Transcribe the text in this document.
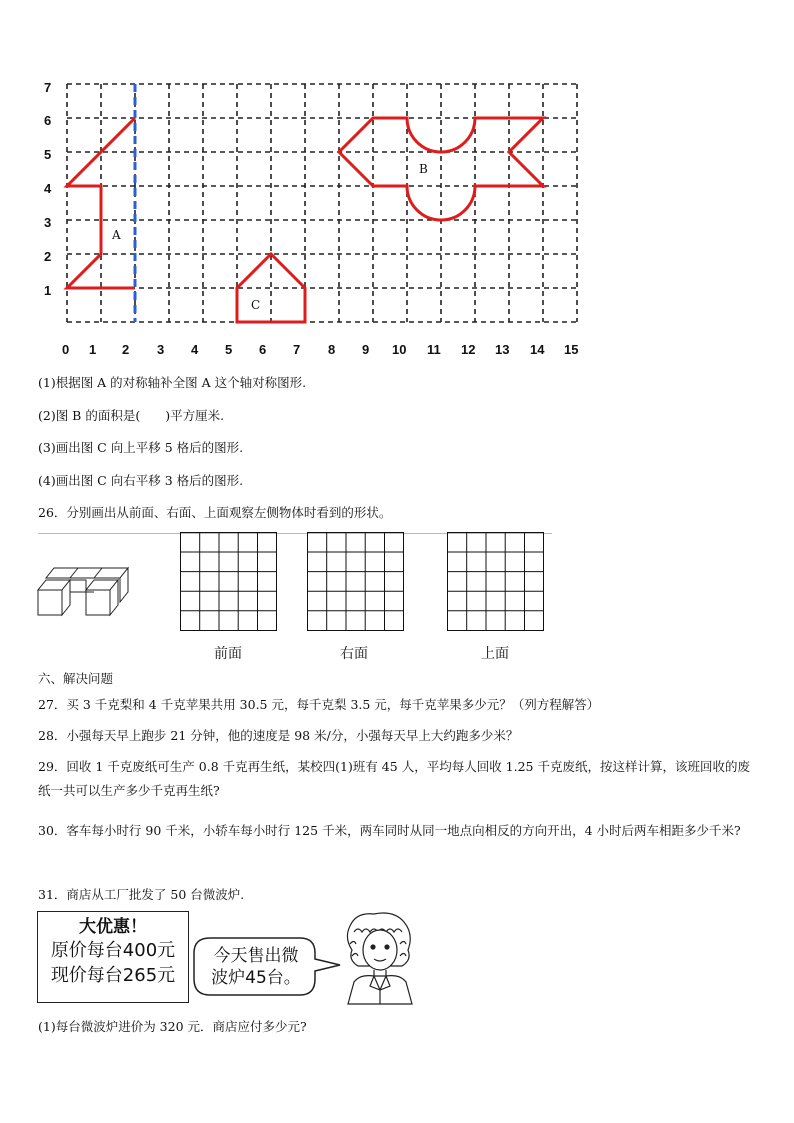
7
6
5
4
3
2
1
0 1 2 3 4 5 6 7 8 9 10 11 12 13 14 15
A
B
C
(1)根据图 A 的对称轴补全图 A 这个轴对称图形.
(2)图 B 的面积是(　　)平方厘米.
(3)画出图 C 向上平移 5 格后的图形.
(4)画出图 C 向右平移 3 格后的图形.
26．分别画出从前面、右面、上面观察左侧物体时看到的形状。
前面	右面	上面
六、解决问题
27．买 3 千克梨和 4 千克苹果共用 30.5 元，每千克梨 3.5 元，每千克苹果多少元？（列方程解答）
28．小强每天早上跑步 21 分钟，他的速度是 98 米/分，小强每天早上大约跑多少米？
29．回收 1 千克废纸可生产 0.8 千克再生纸，某校四(1)班有 45 人，平均每人回收 1.25 千克废纸，按这样计算，该班回收的废纸一共可以生产多少千克再生纸?
30．客车每小时行 90 千米，小轿车每小时行 125 千米，两车同时从同一地点向相反的方向开出，4 小时后两车相距多少千米?
31．商店从工厂批发了 50 台微波炉.
大优惠！
原价每台400元
现价每台265元
今天售出微
波炉45台。
(1)每台微波炉进价为 320 元．商店应付多少元?
